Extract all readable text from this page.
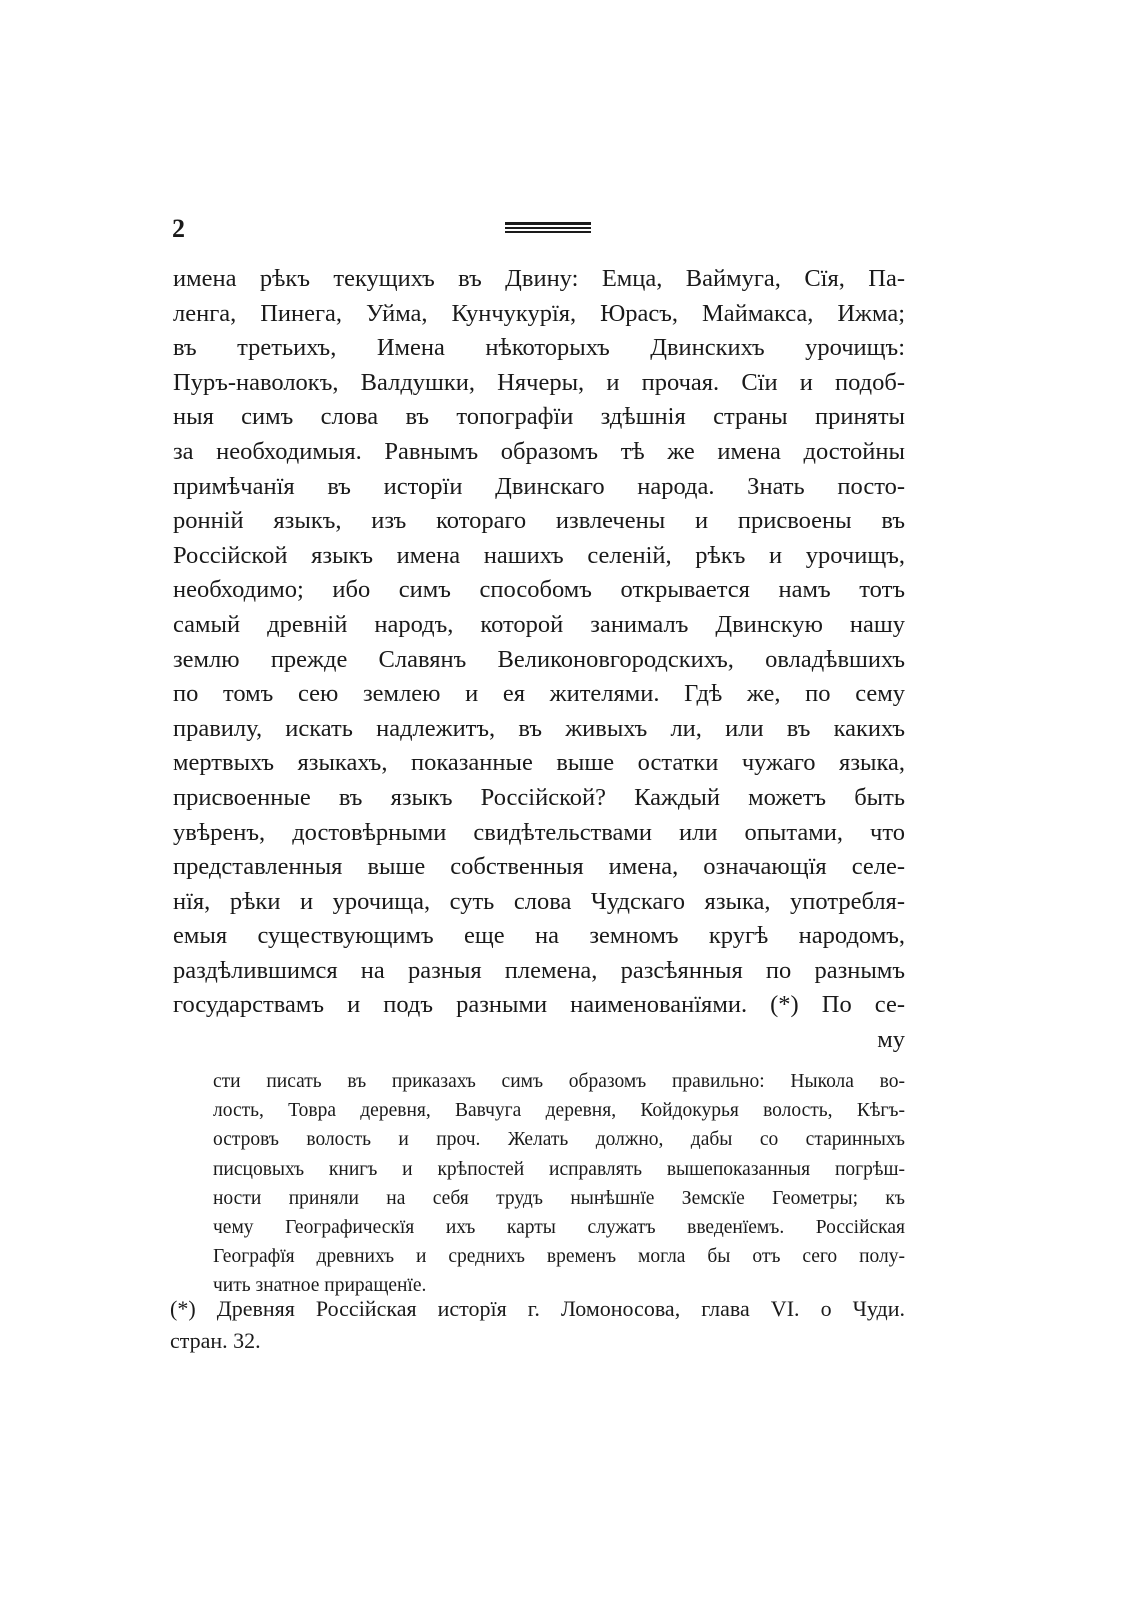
2
имена рѣкъ текущихъ въ Двину: Емца, Ваймуга, Сїя, Па-
ленга, Пинега, Уйма, Кунчукурїя, Юрасъ, Маймакса, Ижма;
въ третьихъ, Имена нѣкоторыхъ Двинскихъ урочищъ:
Пуръ-наволокъ, Валдушки, Нячеры, и прочая. Сїи и подоб-
ныя симъ слова въ топографїи здѣшнія страны приняты
за необходимыя. Равнымъ образомъ тѣ же имена достойны
примѣчанїя въ исторїи Двинскаго народа. Знать посто-
ронній языкъ, изъ котораго извлечены и присвоены въ
Россійской языкъ имена нашихъ селеній, рѣкъ и урочищъ,
необходимо; ибо симъ способомъ открывается намъ тотъ
самый древній народъ, которой занималъ Двинскую нашу
землю прежде Славянъ Великоновгородскихъ, овладѣвшихъ
по томъ сею землею и ея жителями. Гдѣ же, по сему
правилу, искать надлежитъ, въ живыхъ ли, или въ какихъ
мертвыхъ языкахъ, показанные выше остатки чужаго языка,
присвоенные въ языкъ Россійской? Каждый можетъ быть
увѣренъ, достовѣрными свидѣтельствами или опытами, что
представленныя выше собственныя имена, означающїя селе-
нїя, рѣки и урочища, суть слова Чудскаго языка, употребля-
емыя существующимъ еще на земномъ кругѣ народомъ,
раздѣлившимся на разныя племена, разсѣянныя по разнымъ
государствамъ и подъ разными наименованїями. (*) По се-
му
сти писать въ приказахъ симъ образомъ правильно: Ныкола во-
лость, Товра деревня, Вавчуга деревня, Койдокурья волость, Кѣгъ-
островъ волость и проч. Желать должно, дабы со старинныхъ
писцовыхъ книгъ и крѣпостей исправлять вышепоказанныя погрѣш-
ности приняли на себя трудъ нынѣшнїе Земскїе Геометры; къ
чему Географическїя ихъ карты служатъ введенїемъ. Россійская
Географїя древнихъ и среднихъ временъ могла бы отъ сего полу-
чить знатное приращенїе.
(*) Древняя Россійская исторїя г. Ломоносова, глава VI. о Чуди.
стран. 32.
